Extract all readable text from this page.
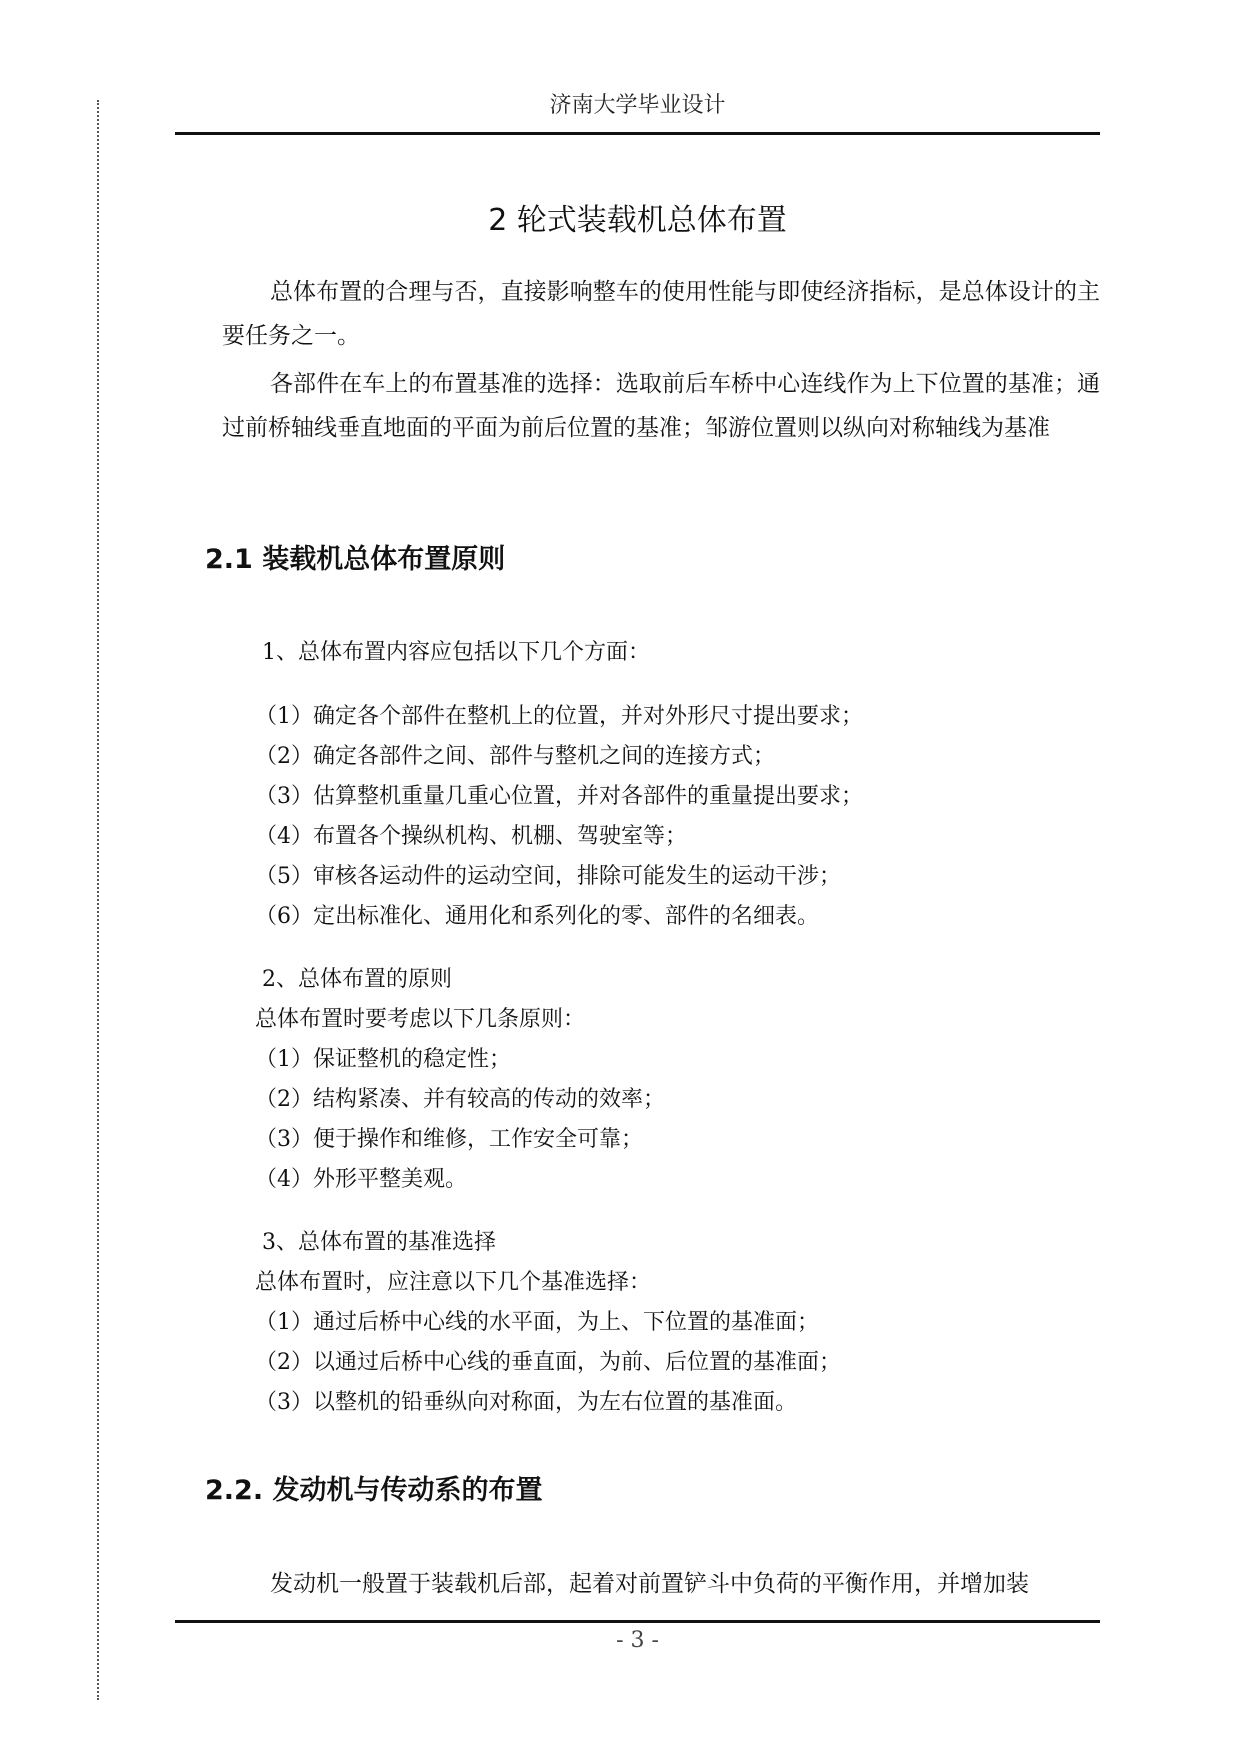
济南大学毕业设计
2 轮式装载机总体布置

总体布置的合理与否，直接影响整车的使用性能与即使经济指标，是总体设计的主要任务之一。

各部件在车上的布置基准的选择：选取前后车桥中心连线作为上下位置的基准；通过前桥轴线垂直地面的平面为前后位置的基准；邹游位置则以纵向对称轴线为基准

2.1 装载机总体布置原则
1、总体布置内容应包括以下几个方面：
（1）确定各个部件在整机上的位置，并对外形尺寸提出要求；
（2）确定各部件之间、部件与整机之间的连接方式；
（3）估算整机重量几重心位置，并对各部件的重量提出要求；
（4）布置各个操纵机构、机棚、驾驶室等；
（5）审核各运动件的运动空间，排除可能发生的运动干涉；
（6）定出标准化、通用化和系列化的零、部件的名细表。
2、总体布置的原则
总体布置时要考虑以下几条原则：
（1）保证整机的稳定性；
（2）结构紧凑、并有较高的传动的效率；
（3）便于操作和维修，工作安全可靠；
（4）外形平整美观。
3、总体布置的基准选择
总体布置时，应注意以下几个基准选择：
（1）通过后桥中心线的水平面，为上、下位置的基准面；
（2）以通过后桥中心线的垂直面，为前、后位置的基准面；
（3）以整机的铅垂纵向对称面，为左右位置的基准面。
2.2. 发动机与传动系的布置

发动机一般置于装载机后部，起着对前置铲斗中负荷的平衡作用，并增加装

- 3 -
